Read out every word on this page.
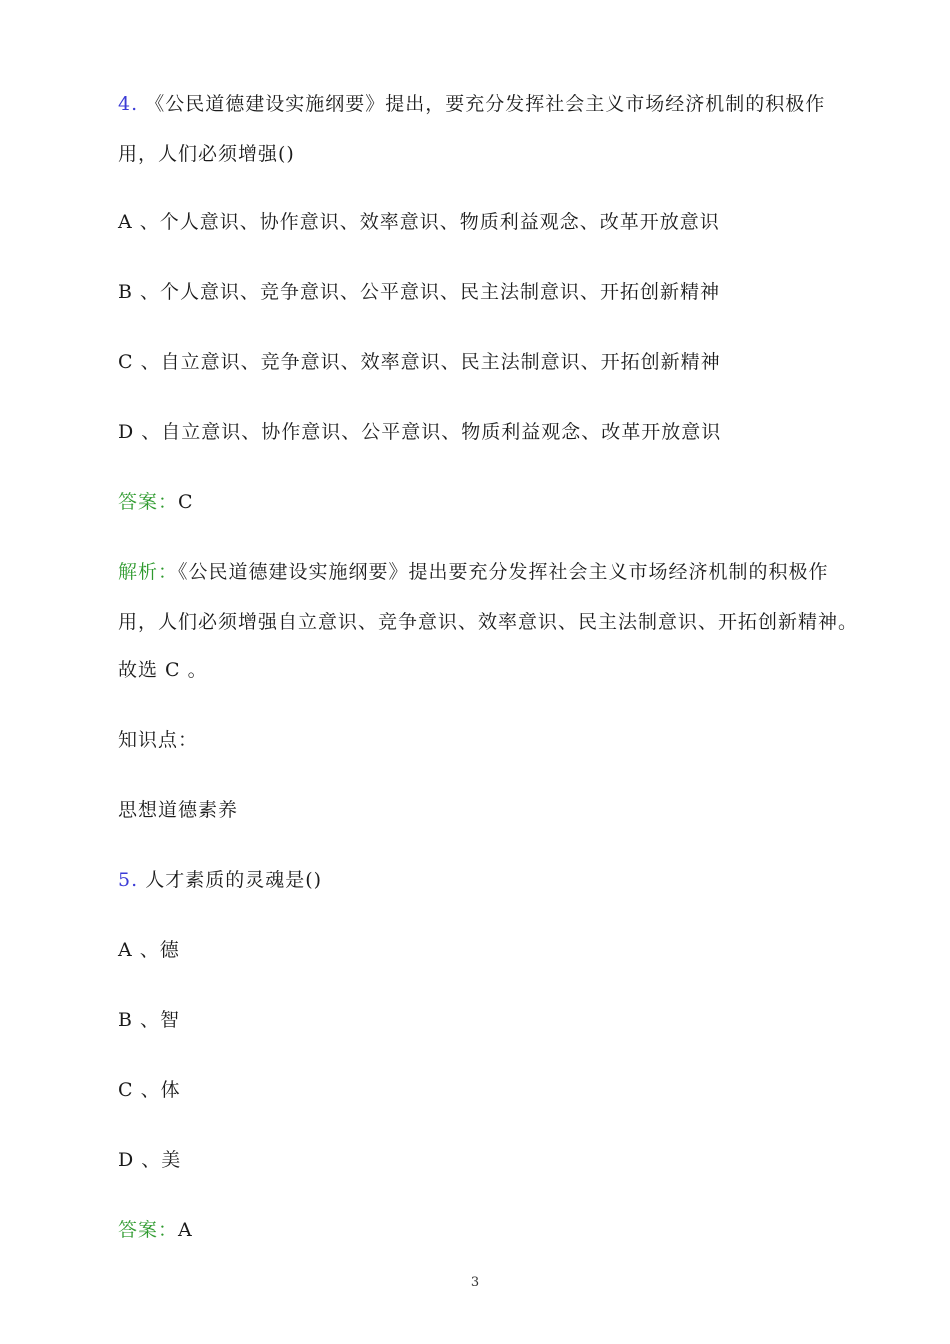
4. 《公民道德建设实施纲要》提出，要充分发挥社会主义市场经济机制的积极作
用，人们必须增强()
A 、个人意识、协作意识、效率意识、物质利益观念、改革开放意识
B 、个人意识、竞争意识、公平意识、民主法制意识、开拓创新精神
C 、自立意识、竞争意识、效率意识、民主法制意识、开拓创新精神
D 、自立意识、协作意识、公平意识、物质利益观念、改革开放意识
答案：C
解析：《公民道德建设实施纲要》提出要充分发挥社会主义市场经济机制的积极作
用，人们必须增强自立意识、竞争意识、效率意识、民主法制意识、开拓创新精神。
故选 C 。
知识点：
思想道德素养
5. 人才素质的灵魂是()
A 、德
B 、智
C 、体
D 、美
答案：A
3
